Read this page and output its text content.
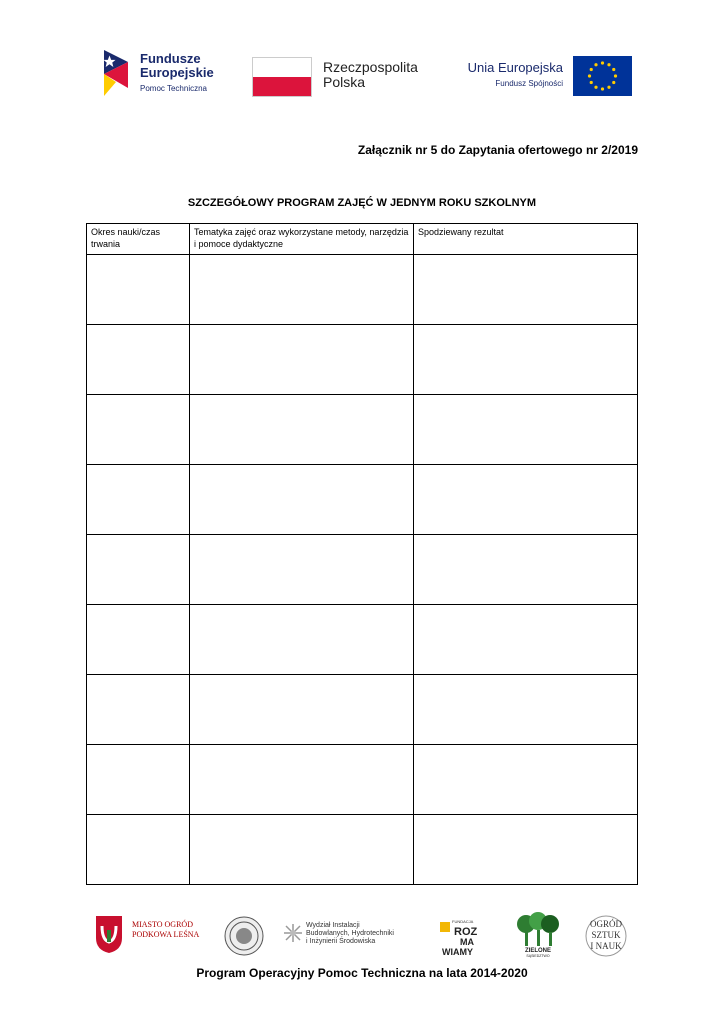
Fundusze
Europejskie
Pomoc Techniczna
Rzeczpospolita
Polska
Unia Europejska
Fundusz Spójności
Załącznik nr 5 do Zapytania ofertowego nr 2/2019
SZCZEGÓŁOWY PROGRAM ZAJĘĆ W JEDNYM ROKU SZKOLNYM
Okres nauki/czas trwania	Tematyka zajęć oraz wykorzystane metody, narzędzia i pomoce dydaktyczne	Spodziewany rezultat

MIASTO OGRÓD
PODKOWA LEŚNA
Wydział Instalacji
Budowlanych, Hydrotechniki
i Inżynierii Środowiska
FUNDACJA
ROZ
MA
WIAMY	ZIELONE
SĄSIEDZTWO
OGRÓD
SZTUK
I NAUK
Program Operacyjny Pomoc Techniczna na lata 2014-2020
